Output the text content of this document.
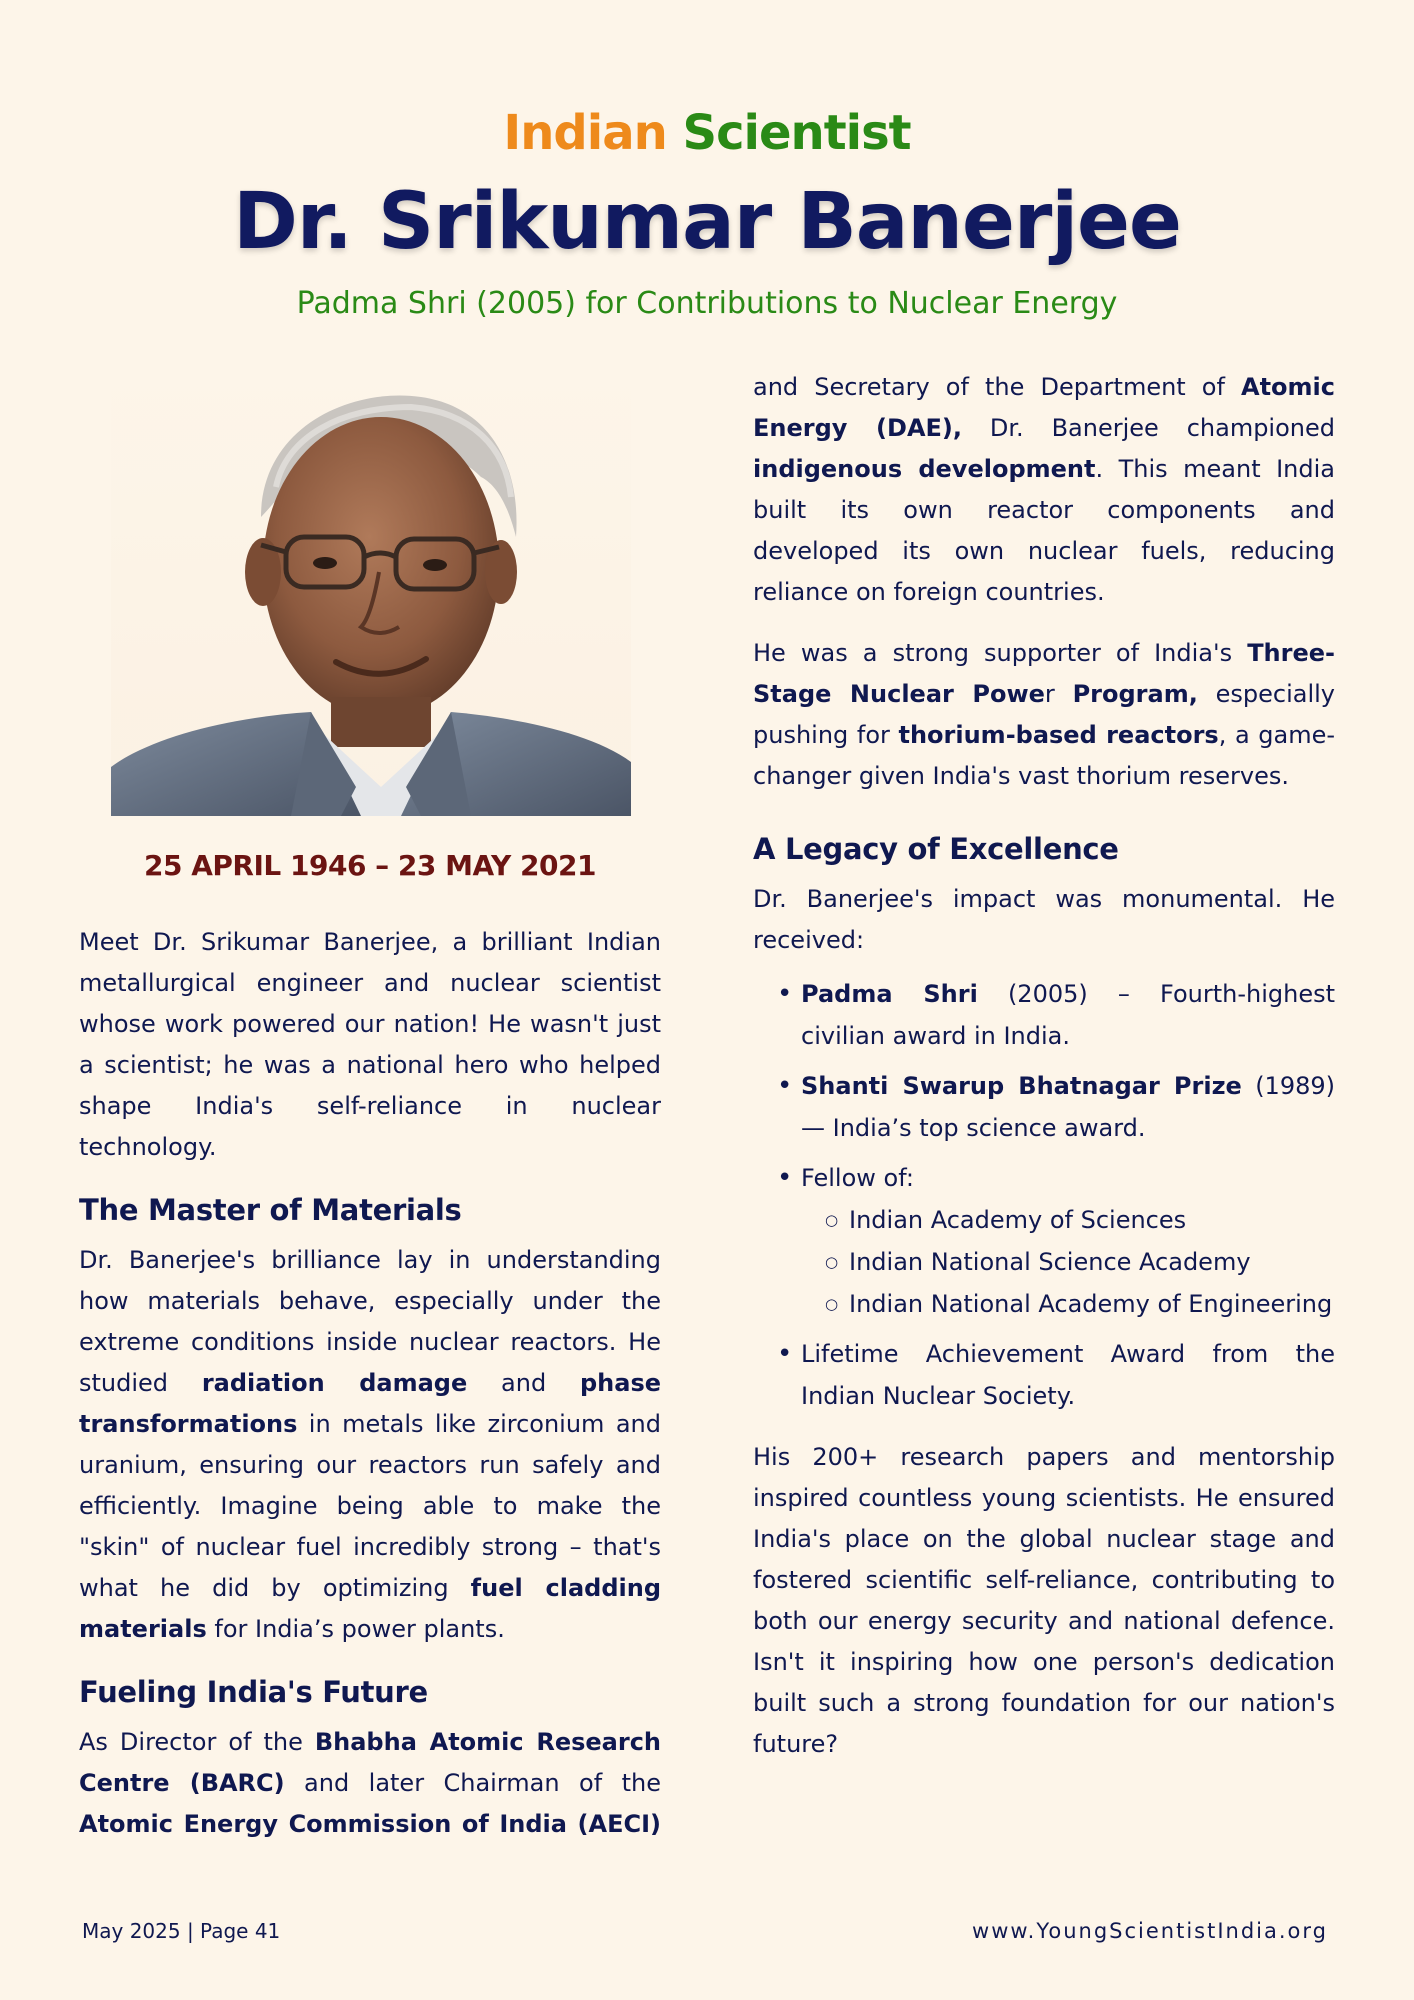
Indian Scientist
Dr. Srikumar Banerjee
Padma Shri (2005) for Contributions to Nuclear Energy
25 APRIL 1946 – 23 MAY 2021

Meet Dr. Srikumar Banerjee, a brilliant Indian metallurgical engineer and nuclear scientist whose work powered our nation! He wasn't just a scientist; he was a national hero who helped shape India's self-reliance in nuclear technology.

The Master of Materials

Dr. Banerjee's brilliance lay in understanding how materials behave, especially under the extreme conditions inside nuclear reactors. He studied radiation damage and phase transformations in metals like zirconium and uranium, ensuring our reactors run safely and efficiently. Imagine being able to make the "skin" of nuclear fuel incredibly strong – that's what he did by optimizing fuel cladding materials for India’s power plants.

Fueling India's Future

As Director of the Bhabha Atomic Research Centre (BARC) and later Chairman of the Atomic Energy Commission of India (AECI)

and Secretary of the Department of Atomic Energy (DAE), Dr. Banerjee championed indigenous development. This meant India built its own reactor components and developed its own nuclear fuels, reducing reliance on foreign countries.

He was a strong supporter of India's Three-Stage Nuclear Power Program, especially pushing for thorium-based reactors, a game-changer given India's vast thorium reserves.

A Legacy of Excellence

Dr. Banerjee's impact was monumental. He received:

• Padma Shri (2005) – Fourth-highest civilian award in India.
• Shanti Swarup Bhatnagar Prize (1989)— India’s top science award.
• Fellow of:
○ Indian Academy of Sciences
○ Indian National Science Academy
○ Indian National Academy of Engineering
• Lifetime Achievement Award from the Indian Nuclear Society.

His 200+ research papers and mentorship inspired countless young scientists. He ensured India's place on the global nuclear stage and fostered scientific self-reliance, contributing to both our energy security and national defence. Isn't it inspiring how one person's dedication built such a strong foundation for our nation's future?

May 2025 | Page 41	www.YoungScientistIndia.org
